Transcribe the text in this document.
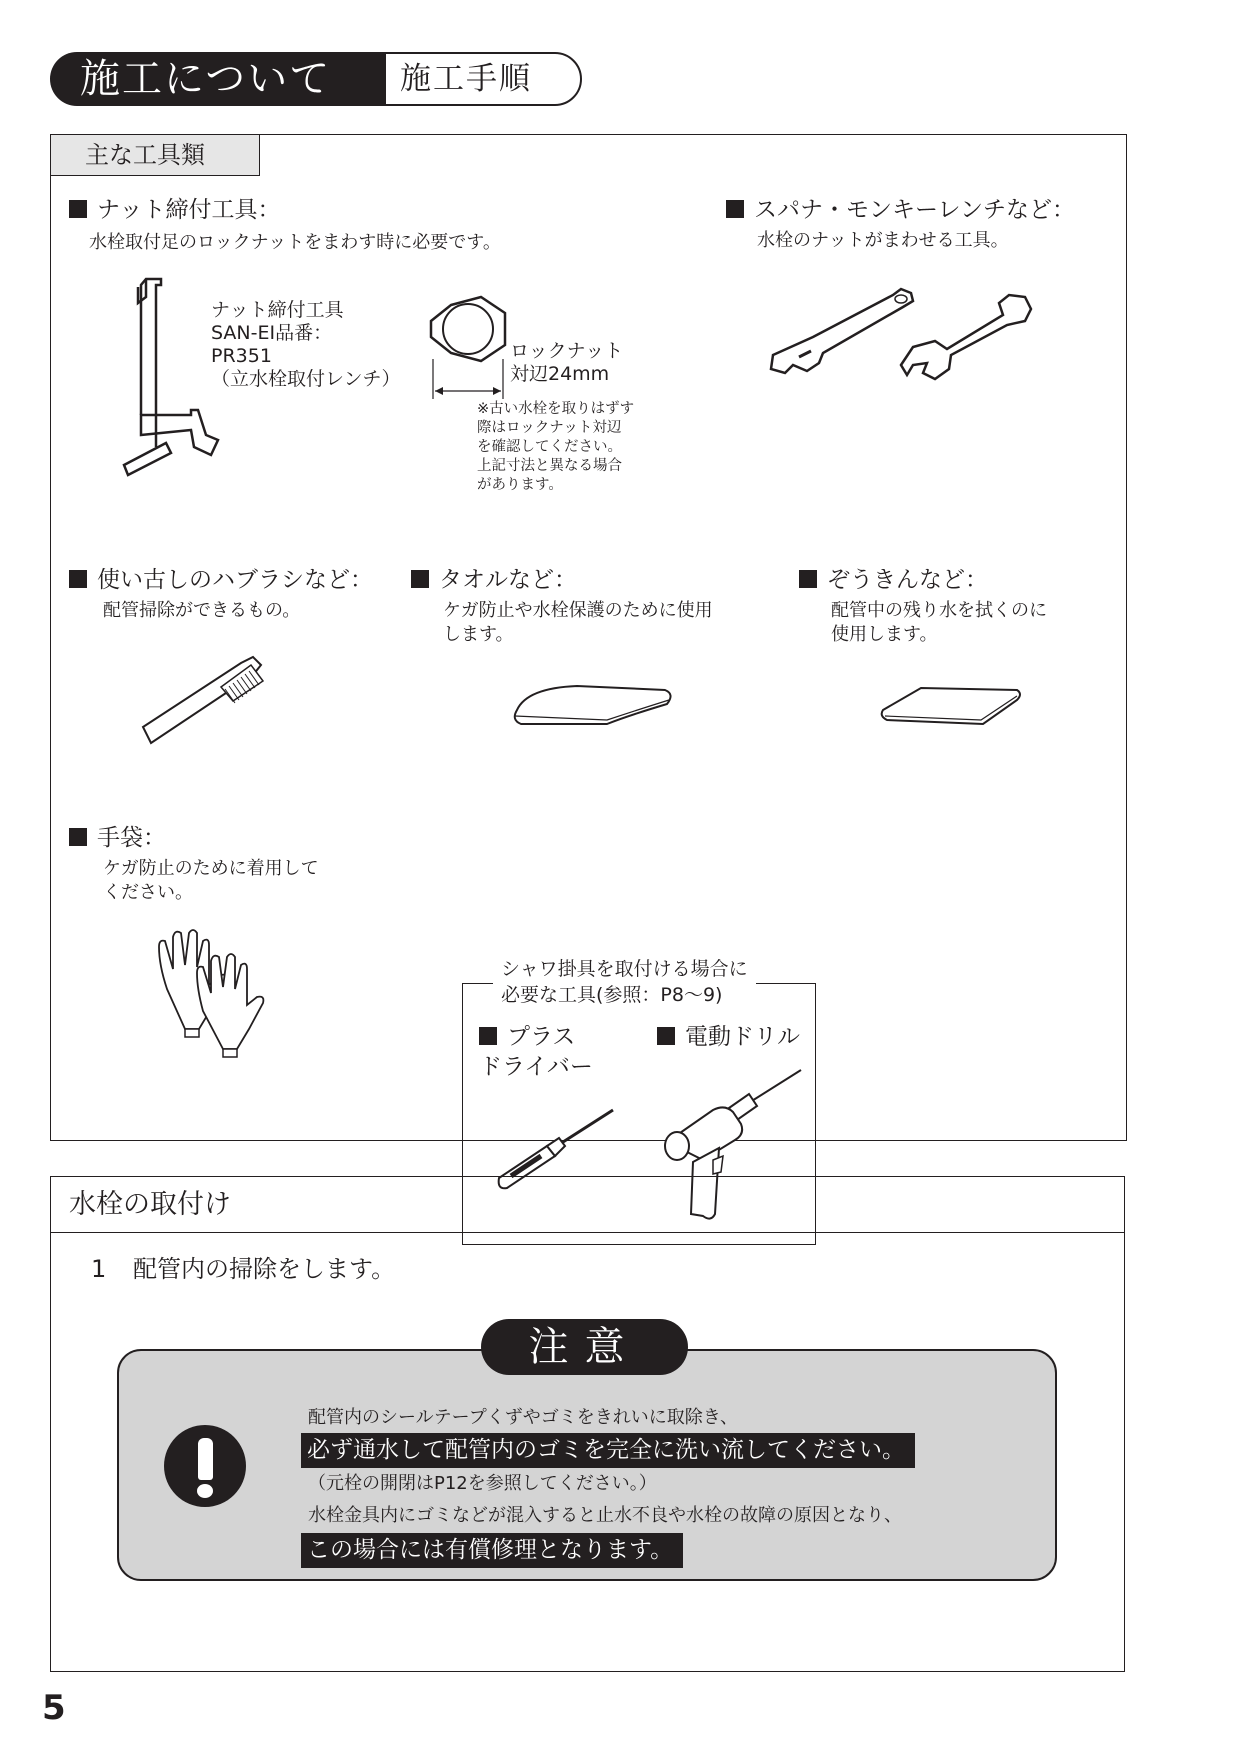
施工について 施工手順
主な工具類
ナット締付工具：
水栓取付足のロックナットをまわす時に必要です。
ナット締付工具
SAN-EI品番：
PR351
（立水栓取付レンチ）
ロックナット
対辺24mm
※古い水栓を取りはずす
際はロックナット対辺
を確認してください。
上記寸法と異なる場合
があります。
スパナ・モンキーレンチなど：
水栓のナットがまわせる工具。
使い古しのハブラシなど：
配管掃除ができるもの。
タオルなど：
ケガ防止や水栓保護のために使用
します。
ぞうきんなど：
配管中の残り水を拭くのに
使用します。
手袋：
ケガ防止のために着用して
ください。
シャワ掛具を取付ける場合に
必要な工具(参照：P8～9)
プラス
ドライバー
電動ドリル
水栓の取付け
1 配管内の掃除をします。
注意
配管内のシールテープくずやゴミをきれいに取除き、
必ず通水して配管内のゴミを完全に洗い流してください。
（元栓の開閉はP12を参照してください。）
水栓金具内にゴミなどが混入すると止水不良や水栓の故障の原因となり、
この場合には有償修理となります。
5
